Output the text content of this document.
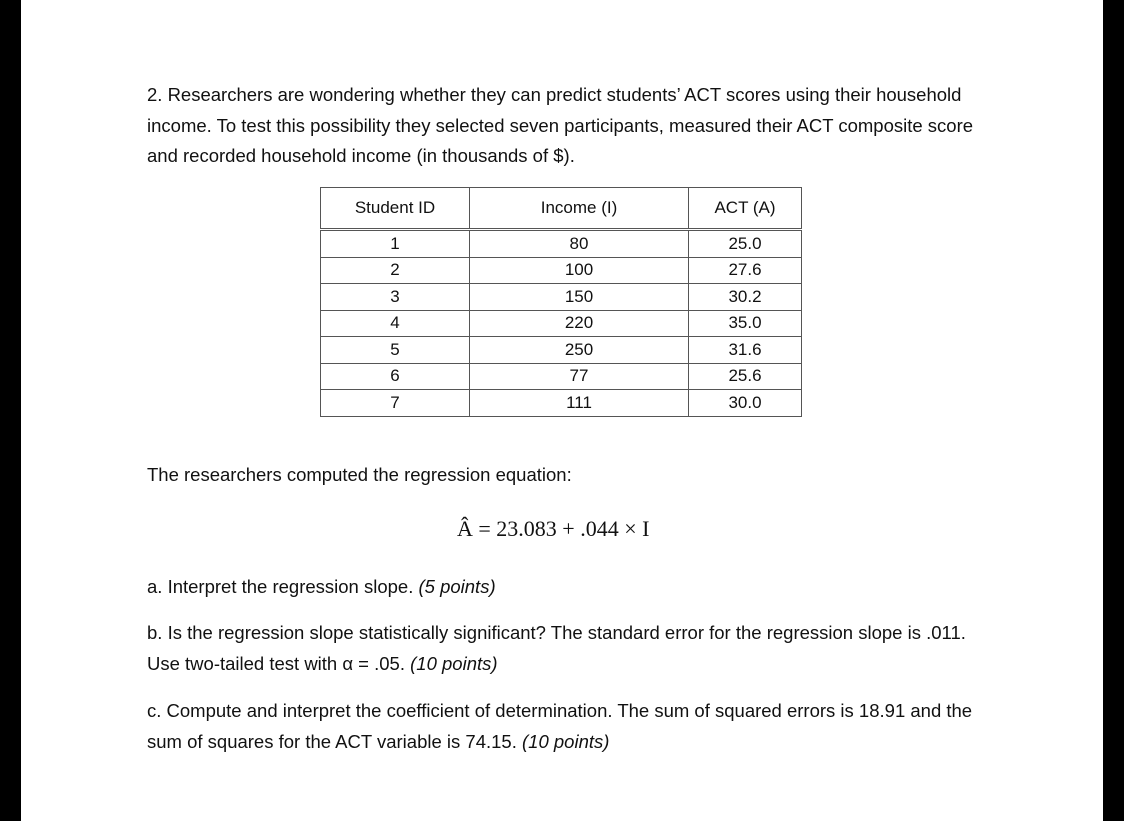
2. Researchers are wondering whether they can predict students’ ACT scores using their household income. To test this possibility they selected seven participants, measured their ACT composite score and recorded household income (in thousands of $).
Student ID	Income (I)	ACT (A)
1	80	25.0
2	100	27.6
3	150	30.2
4	220	35.0
5	250	31.6
6	77	25.6
7	111	30.0
The researchers computed the regression equation:
Â = 23.083 + .044 × I
a. Interpret the regression slope. (5 points)
b. Is the regression slope statistically significant? The standard error for the regression slope is .011. Use two-tailed test with α = .05. (10 points)
c. Compute and interpret the coefficient of determination. The sum of squared errors is 18.91 and the sum of squares for the ACT variable is 74.15. (10 points)
